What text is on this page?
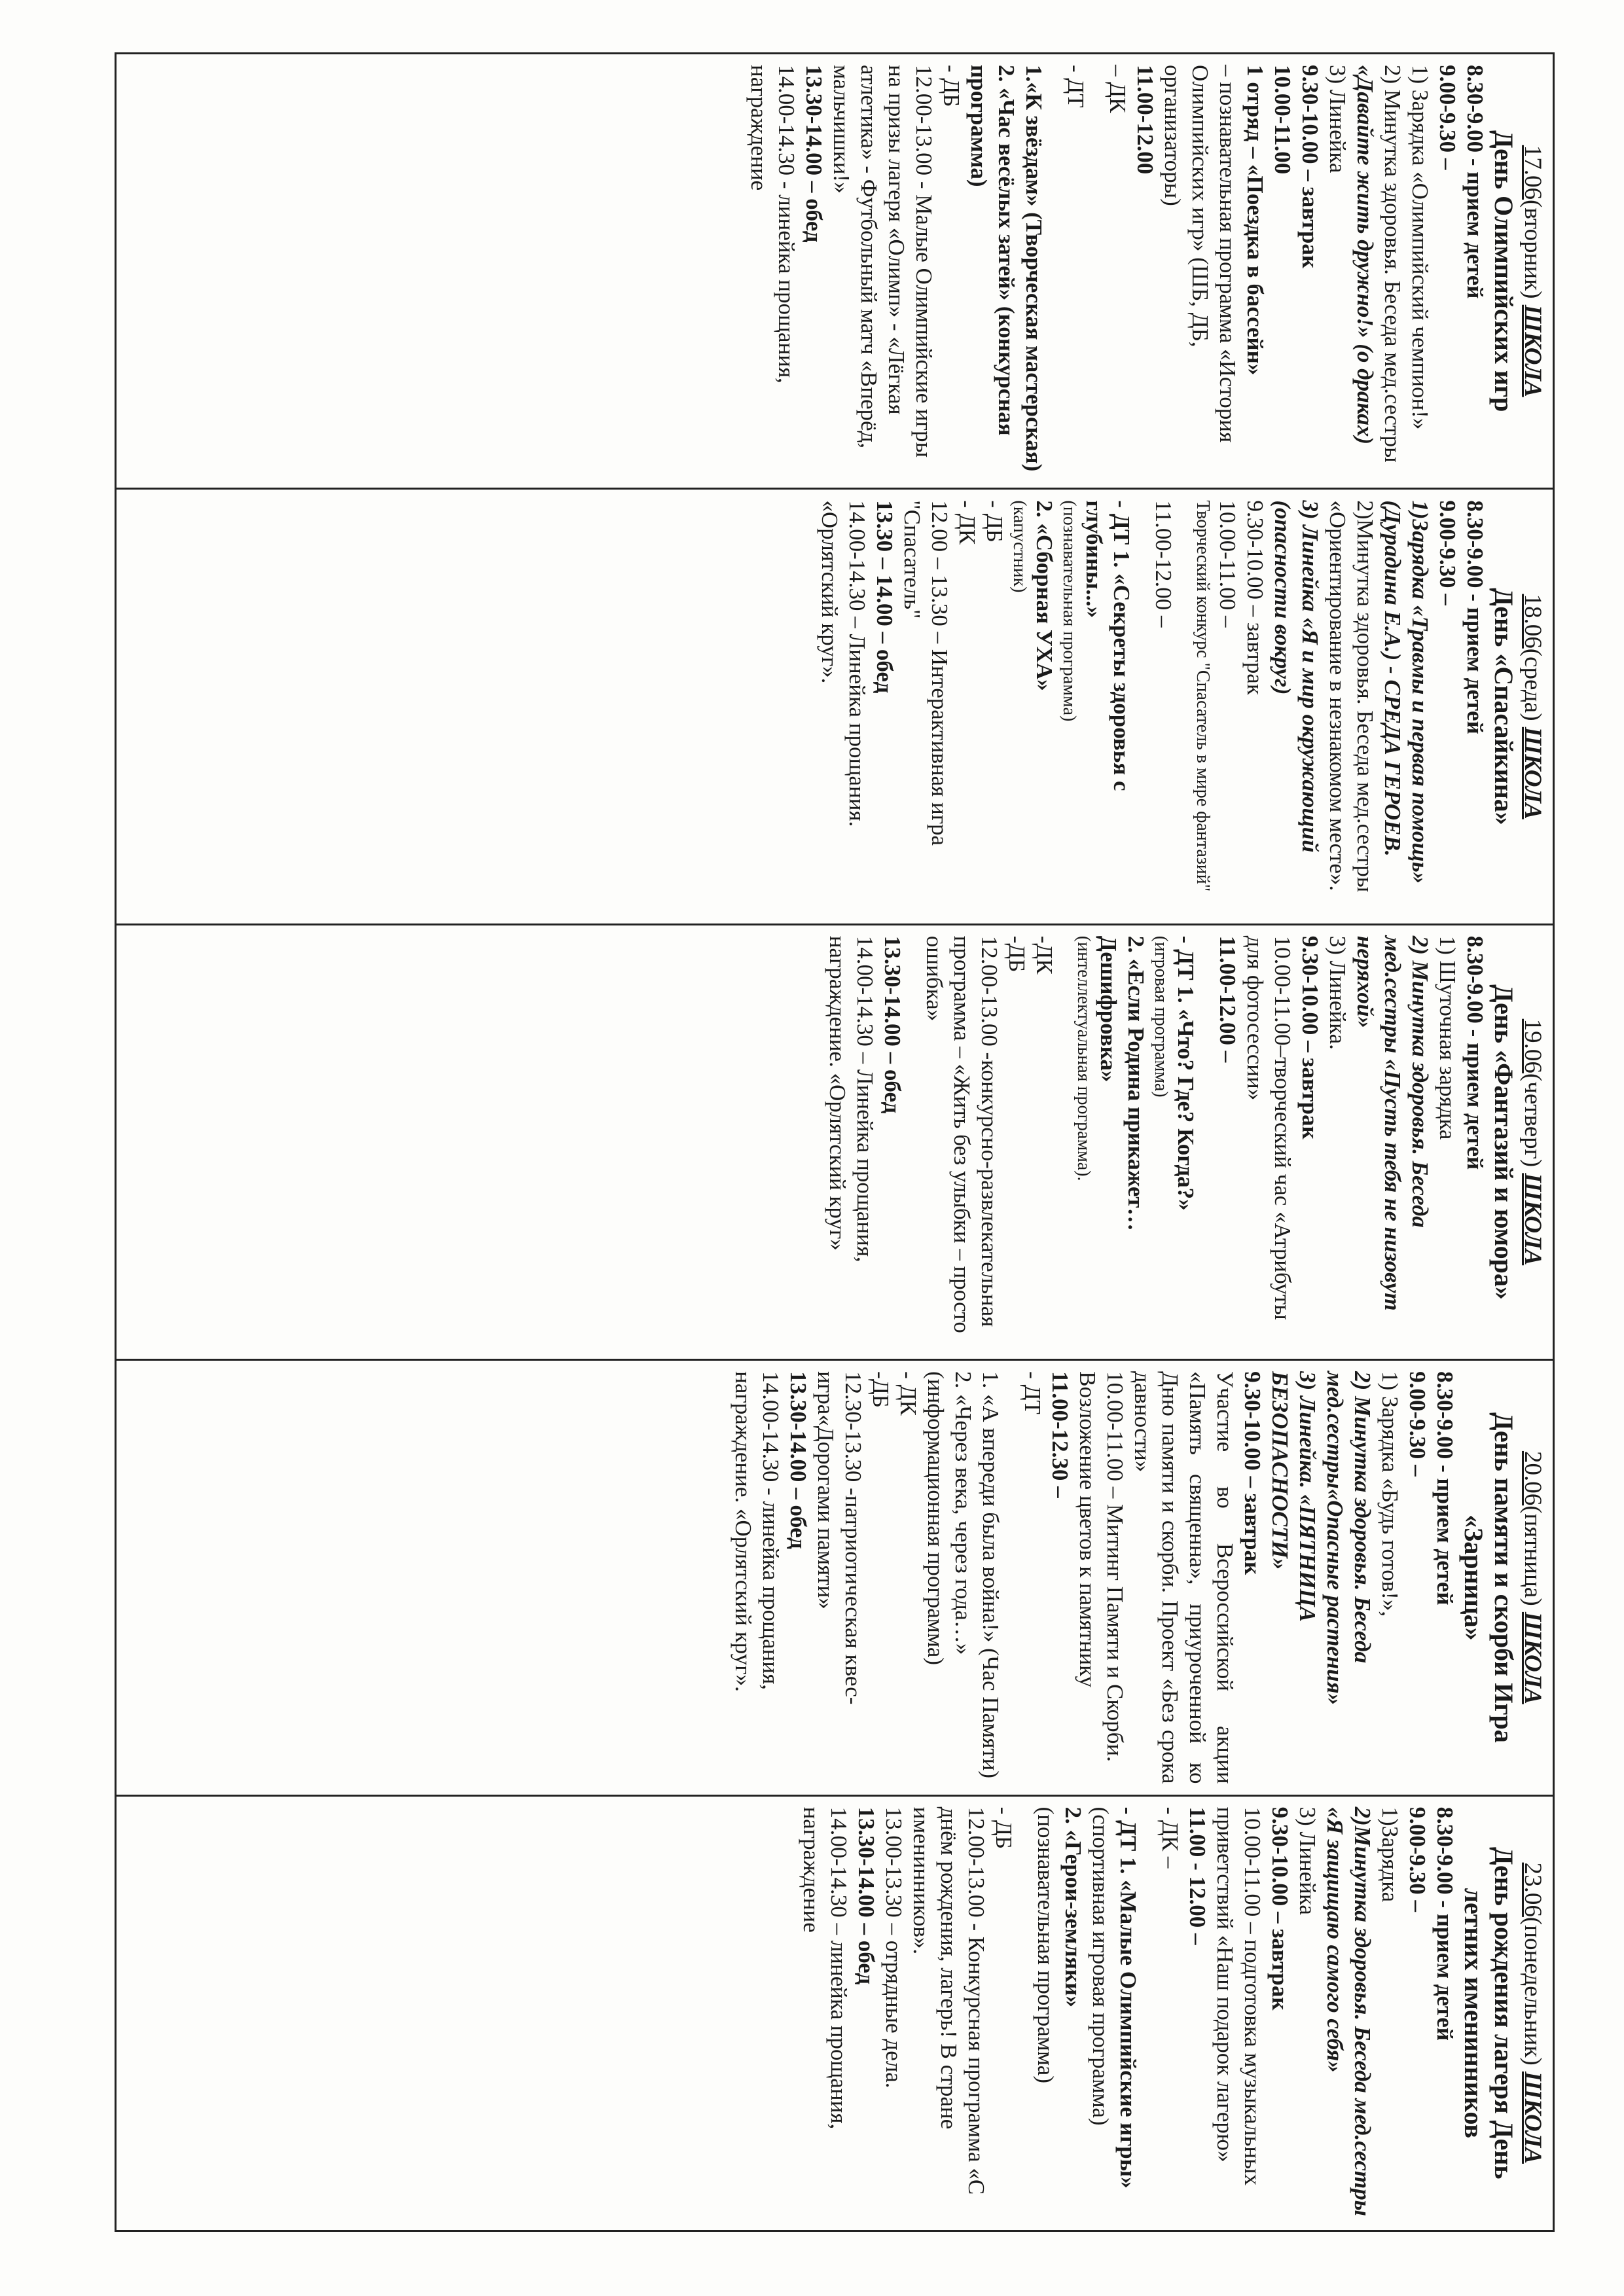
17.06(вторник) ШКОЛА
День Олимпийских игр

8.30-9.00 - прием детей

9.00-9.30 –

1) Зарядка «Олимпийский чемпион!»

2) Минутка здоровья. Беседа мед.сестры

«Давайте жить дружно!» (о драках)

3) Линейка

9.30-10.00 – завтрак

10.00-11.00

1 отряд – «Поездка в бассейн»

– познавательная программа «История Олимпийских игр» (ШБ, ДБ, организаторы)

11.00-12.00

– ДК

- ДТ

1.«К звёздам» (Творческая мастерская)

2. «Час весёлых затей» (конкурсная программа)

- ДБ

12.00-13.00 - Малые Олимпийские игры на призы лагеря «Олимп» - «Лёгкая атлетика» - Футбольный матч «Вперёд, мальчишки!»

13.30-14.00 – обед

14.00-14.30 - линейка прощания, награждение

18.06(среда) ШКОЛА
День «Спасайкина»

8.30-9.00 - прием детей

9.00-9.30 –

1)Зарядка «Травмы и первая помощь» (Дурадина Е.А.) - СРЕДА ГЕРОЕВ.

2)Минутка здоровья. Беседа мед.сестры «Ориентирование в незнакомом месте».

3) Линейка «Я и мир окружающий (опасности вокруг)

9.30-10.00 – завтрак

10.00-11.00 –

Творческий конкурс "Спасатель в мире фантазий"

11.00-12.00 –

- ДТ 1. «Секреты здоровья с глубины...»

(познавательная программа)

2. «Сборная УХА»

(капустник)

- ДБ

- ДК

12.00 – 13.30 – Интерактивная игра "Спасатель"

13.30 – 14.00 – обед

14.00-14.30 – Линейка прощания. «Орлятский круг».

19.06(четверг) ШКОЛА
День «Фантазий и юмора»

8.30-9.00 - прием детей

1) Шуточная зарядка

2) Минутка здоровья. Беседа мед.сестры «Пусть тебя не низовут неряхой»

3) Линейка.

9.30-10.00 – завтрак

10.00-11.00–творческий час «Атрибуты для фотосессии»

11.00-12.00 –

- ДТ 1. «Что? Где? Когда?»

(игровая программа)

2. «Если Родина прикажет… Дешифровка»

(интеллектуальная программа).

-ДК

-ДБ

12.00-13.00 -конкурсно-развлекательная программа – «Жить без улыбки – просто ошибка»

13.30-14.00 – обед

14.00-14.30 – Линейка прощания, награждение. «Орлятский круг»

20.06(пятница) ШКОЛА
День памяти и скорби Игра «Зарница»

8.30-9.00 - прием детей

9.00-9.30 –

1) Зарядка «Будь готов!»,

2) Минутка здоровья. Беседа мед.сестры«Опасные растения»

3) Линейка. «ПЯТНИЦА БЕЗОПАСНОСТИ»

9.30-10.00 – завтрак

Участие во Всероссийской акции «Память священна», приуроченной ко Дню памяти и скорби. Проект «Без срока давности»

10.00-11.00 – Митинг Памяти и Скорби. Возложение цветов к памятнику

11.00-12.30 –

- ДТ

1. «А впереди была война!» (Час Памяти)

2. «Через века, через года…» (информационная программа)

- ДК

-ДБ

12.30-13.30 -патриотическая квес-игра«Дорогами памяти»

13.30-14.00 – обед

14.00-14.30 - линейка прощания, награждение. «Орлятский круг».

23.06(понедельник) ШКОЛА
День рождения лагеря День летних именинников

8.30-9.00 - прием детей

9.00-9.30 –

1)Зарядка

2)Минутка здоровья. Беседа мед.сестры «Я защищаю самого себя»

3) Линейка

9.30-10.00 – завтрак

10.00-11.00 – подготовка музыкальных приветствий «Наш подарок лагерю»

11.00 - 12.00 –

- ДК –

- ДТ 1. «Малые Олимпийские игры»

(спортивная игровая программа)

2. «Герои-земляки»

(познавательная программа)

- ДБ

12.00-13.00 - Конкурсная программа «С днём рождения, лагерь! В стране именинников».

13.00-13.30 – отрядные дела.

13.30-14.00 – обед

14.00-14.30 – линейка прощания, награждение
